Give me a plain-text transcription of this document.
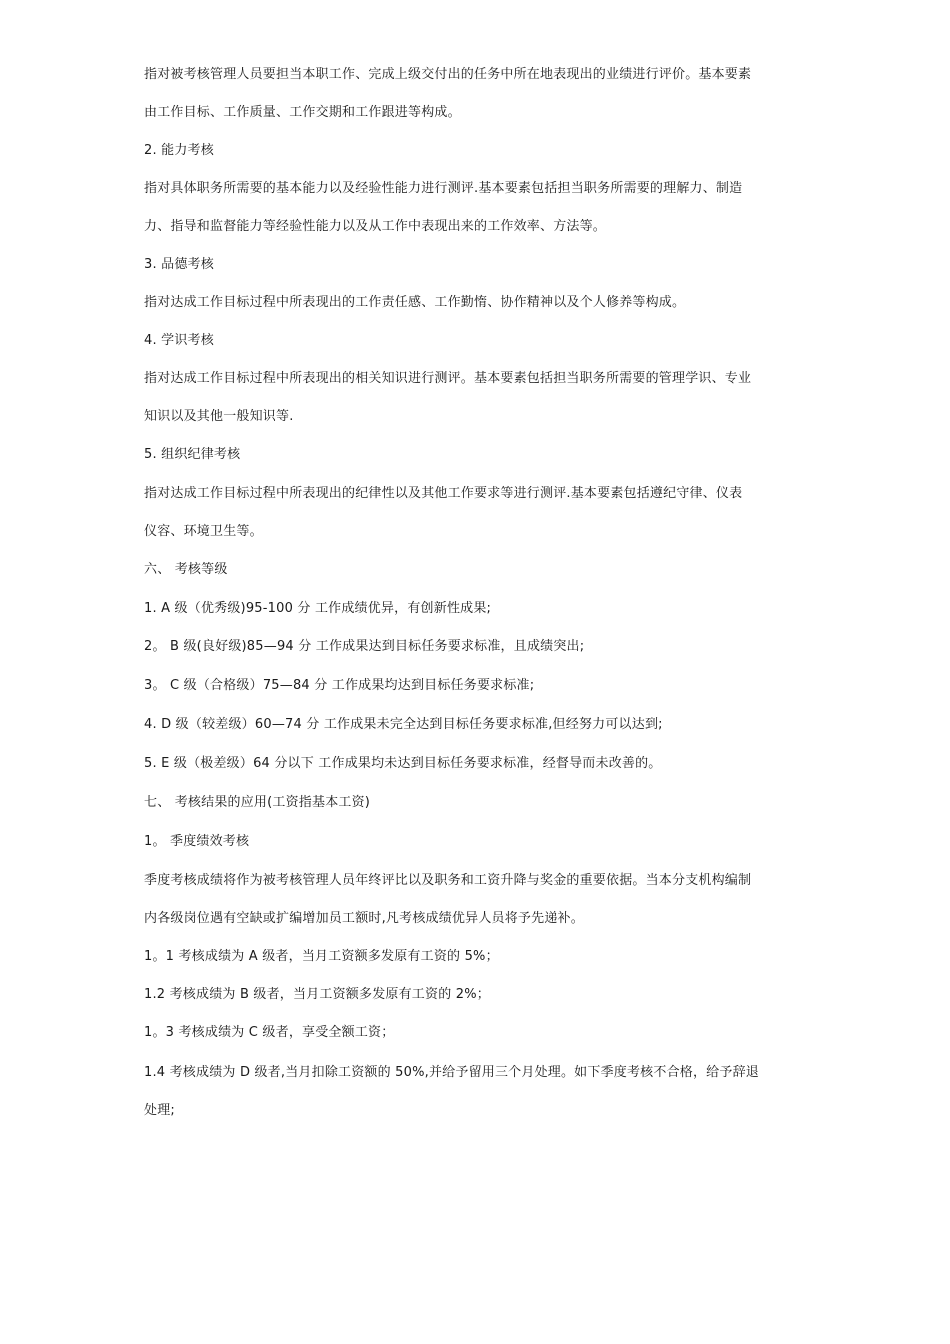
指对被考核管理人员要担当本职工作、完成上级交付出的任务中所在地表现出的业绩进行评价。基本要素
由工作目标、工作质量、工作交期和工作跟进等构成。
2. 能力考核
指对具体职务所需要的基本能力以及经验性能力进行测评.基本要素包括担当职务所需要的理解力、制造
力、指导和监督能力等经验性能力以及从工作中表现出来的工作效率、方法等。
3. 品德考核
指对达成工作目标过程中所表现出的工作责任感、工作勤惰、协作精神以及个人修养等构成。
4. 学识考核
指对达成工作目标过程中所表现出的相关知识进行测评。基本要素包括担当职务所需要的管理学识、专业
知识以及其他一般知识等.
5. 组织纪律考核
指对达成工作目标过程中所表现出的纪律性以及其他工作要求等进行测评.基本要素包括遵纪守律、仪表
仪容、环境卫生等。
六、 考核等级
1. A 级（优秀级)95-100 分 工作成绩优异，有创新性成果;
2。 B 级(良好级)85—94 分 工作成果达到目标任务要求标准，且成绩突出;
3。 C 级（合格级）75—84 分 工作成果均达到目标任务要求标准;
4. D 级（较差级）60—74 分 工作成果未完全达到目标任务要求标准,但经努力可以达到;
5. E 级（极差级）64 分以下 工作成果均未达到目标任务要求标准，经督导而未改善的。
七、 考核结果的应用(工资指基本工资)
1。 季度绩效考核
季度考核成绩将作为被考核管理人员年终评比以及职务和工资升降与奖金的重要依据。当本分支机构编制
内各级岗位遇有空缺或扩编增加员工额时,凡考核成绩优异人员将予先递补。
1。1 考核成绩为 A 级者，当月工资额多发原有工资的 5%；
1.2 考核成绩为 B 级者，当月工资额多发原有工资的 2%；
1。3 考核成绩为 C 级者，享受全额工资；
1.4 考核成绩为 D 级者,当月扣除工资额的 50%,并给予留用三个月处理。如下季度考核不合格，给予辞退
处理;
